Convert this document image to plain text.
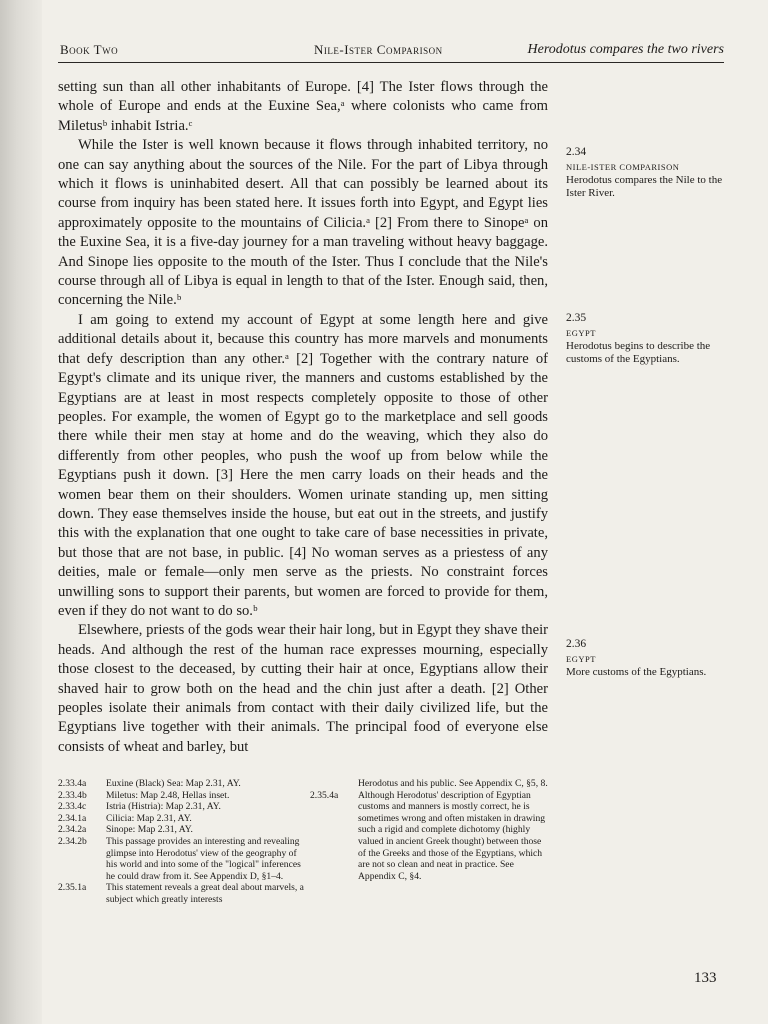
Book Two	Nile-Ister Comparison	Herodotus compares the two rivers

setting sun than all other inhabitants of Europe. [4] The Ister flows through the whole of Europe and ends at the Euxine Sea,ᵃ where colonists who came from Miletusᵇ inhabit Istria.ᶜ

While the Ister is well known because it flows through inhabited territory, no one can say anything about the sources of the Nile. For the part of Libya through which it flows is uninhabited desert. All that can possibly be learned about its course from inquiry has been stated here. It issues forth into Egypt, and Egypt lies approximately opposite to the mountains of Cilicia.ᵃ [2] From there to Sinopeᵃ on the Euxine Sea, it is a five-day journey for a man traveling without heavy baggage. And Sinope lies opposite to the mouth of the Ister. Thus I conclude that the Nile's course through all of Libya is equal in length to that of the Ister. Enough said, then, concerning the Nile.ᵇ

I am going to extend my account of Egypt at some length here and give additional details about it, because this country has more marvels and monuments that defy description than any other.ᵃ [2] Together with the contrary nature of Egypt's climate and its unique river, the manners and customs established by the Egyptians are at least in most respects completely opposite to those of other peoples. For example, the women of Egypt go to the marketplace and sell goods there while their men stay at home and do the weaving, which they also do differently from other peoples, who push the woof up from below while the Egyptians push it down. [3] Here the men carry loads on their heads and the women bear them on their shoulders. Women urinate standing up, men sitting down. They ease themselves inside the house, but eat out in the streets, and justify this with the explanation that one ought to take care of base necessities in private, but those that are not base, in public. [4] No woman serves as a priestess of any deities, male or female—only men serve as the priests. No constraint forces unwilling sons to support their parents, but women are forced to provide for them, even if they do not want to do so.ᵇ

Elsewhere, priests of the gods wear their hair long, but in Egypt they shave their heads. And although the rest of the human race expresses mourning, especially those closest to the deceased, by cutting their hair at once, Egyptians allow their shaved hair to grow both on the head and the chin just after a death. [2] Other peoples isolate their animals from contact with their daily civilized life, but the Egyptians live together with their animals. The principal food of everyone else consists of wheat and barley, but

2.34
NILE-ISTER COMPARISON
Herodotus compares the Nile to the Ister River.
2.35
EGYPT
Herodotus begins to describe the customs of the Egyptians.
2.36
EGYPT
More customs of the Egyptians.
2.33.4a Euxine (Black) Sea: Map 2.31, AY.
2.33.4b Miletus: Map 2.48, Hellas inset.
2.33.4c Istria (Histria): Map 2.31, AY.
2.34.1a Cilicia: Map 2.31, AY.
2.34.2a Sinope: Map 2.31, AY.
2.34.2b This passage provides an interesting and revealing glimpse into Herodotus' view of the geography of his world and into some of the "logical" inferences he could draw from it. See Appendix D, §1–4.
2.35.1a This statement reveals a great deal about marvels, a subject which greatly interests
Herodotus and his public. See Appendix C, §5, 8.
2.35.4a Although Herodotus' description of Egyptian customs and manners is mostly correct, he is sometimes wrong and often mistaken in drawing such a rigid and complete dichotomy (highly valued in ancient Greek thought) between those of the Greeks and those of the Egyptians, which are not so clean and neat in practice. See Appendix C, §4.
133
